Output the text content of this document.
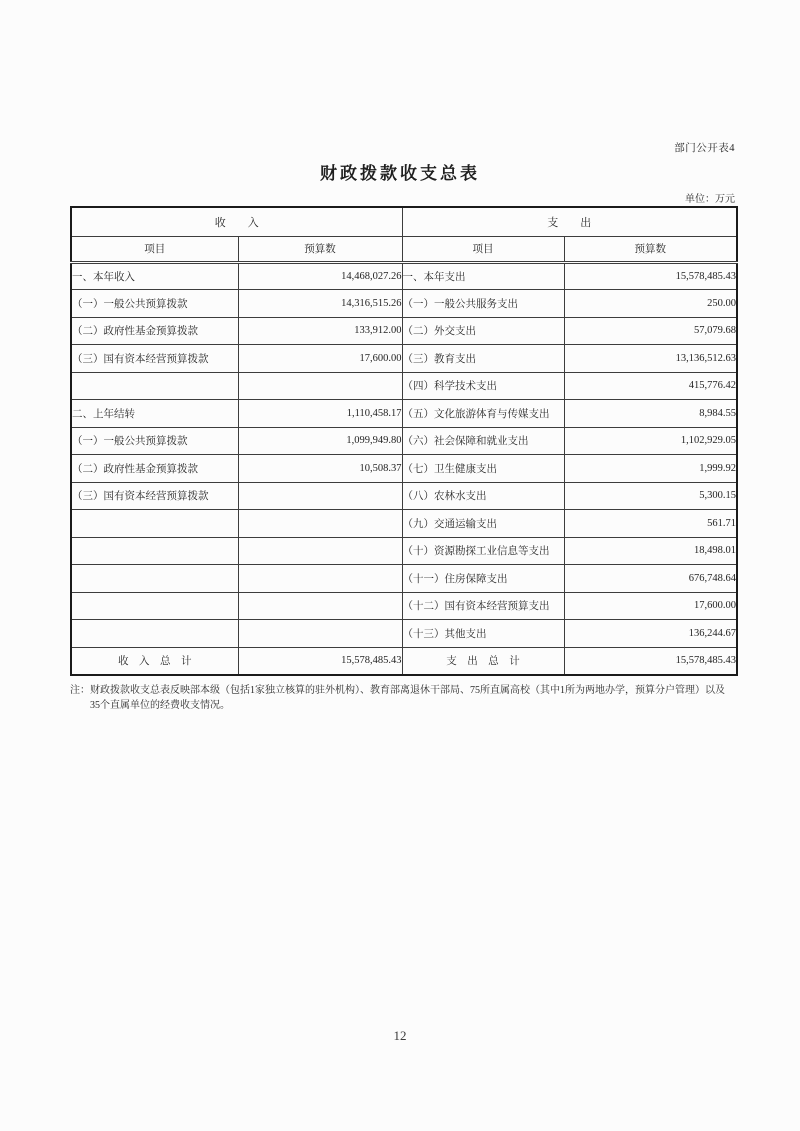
部门公开表4
财政拨款收支总表
单位：万元
收　　入		支　　出	
项目	预算数	项目	预算数
一、本年收入	14,468,027.26	一、本年支出	15,578,485.43
（一）一般公共预算拨款	14,316,515.26	（一）一般公共服务支出	250.00
（二）政府性基金预算拨款	133,912.00	（二）外交支出	57,079.68
（三）国有资本经营预算拨款	17,600.00	（三）教育支出	13,136,512.63
		（四）科学技术支出	415,776.42
二、上年结转	1,110,458.17	（五）文化旅游体育与传媒支出	8,984.55
（一）一般公共预算拨款	1,099,949.80	（六）社会保障和就业支出	1,102,929.05
（二）政府性基金预算拨款	10,508.37	（七）卫生健康支出	1,999.92
（三）国有资本经营预算拨款		（八）农林水支出	5,300.15
		（九）交通运输支出	561.71
		（十）资源勘探工业信息等支出	18,498.01
		（十一）住房保障支出	676,748.64
		（十二）国有资本经营预算支出	17,600.00
		（十三）其他支出	136,244.67
收　入　总　计	15,578,485.43	支　出　总　计	15,578,485.43
注： 财政拨款收支总表反映部本级（包括1家独立核算的驻外机构）、教育部离退休干部局、75所直属高校（其中1所为两地办学，预算分户管理）以及35个直属单位的经费收支情况。
12
